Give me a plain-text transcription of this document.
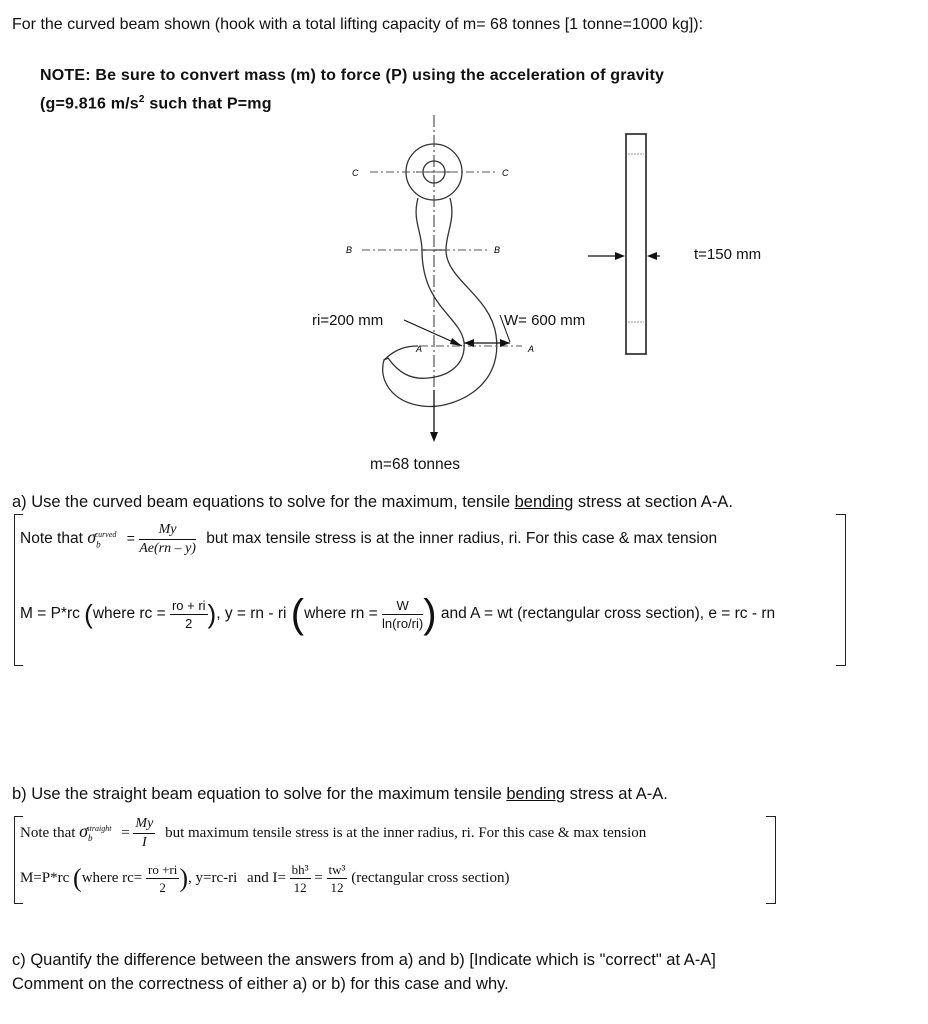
For the curved beam shown (hook with a total lifting capacity of m= 68 tonnes [1 tonne=1000 kg]):
NOTE: Be sure to convert mass (m) to force (P) using the acceleration of gravity
(g=9.816 $m/s^2$ such that P=mg
C	C
B	B
A	A
ri=200 mm	W= 600 mm
t=150 mm
m=68 tonnes
a) Use the curved beam equations to solve for the maximum, tensile bending stress at section A-A.
Note that $\sigma_b^{curved} = \frac{My}{Ae(rn - y)}$ but max tensile stress is at the inner radius, ri. For this case & max tension
M = P*rc (where rc = $\frac{ro + ri}{2}$ ), y = rn - ri (where rn = $\frac{W}{\ln(ro/ri)}$ ) and A = wt (rectangular cross section), e = rc - rn
b) Use the straight beam equation to solve for the maximum tensile bending stress at A-A.
Note that $\sigma_b^{straight} = \frac{My}{I}$ but maximum tensile stress is at the inner radius, ri. For this case & max tension
M=P*rc (where $rc= \frac{ro +ri}{2}$ ), y=rc-ri and $I= \frac{\text{bh³}}{12} = \frac{\text{tw³}}{12}$ (rectangular cross section)
c) Quantify the difference between the answers from a) and b) [Indicate which is "correct" at A-A]
Comment on the correctness of either a) or b) for this case and why.
